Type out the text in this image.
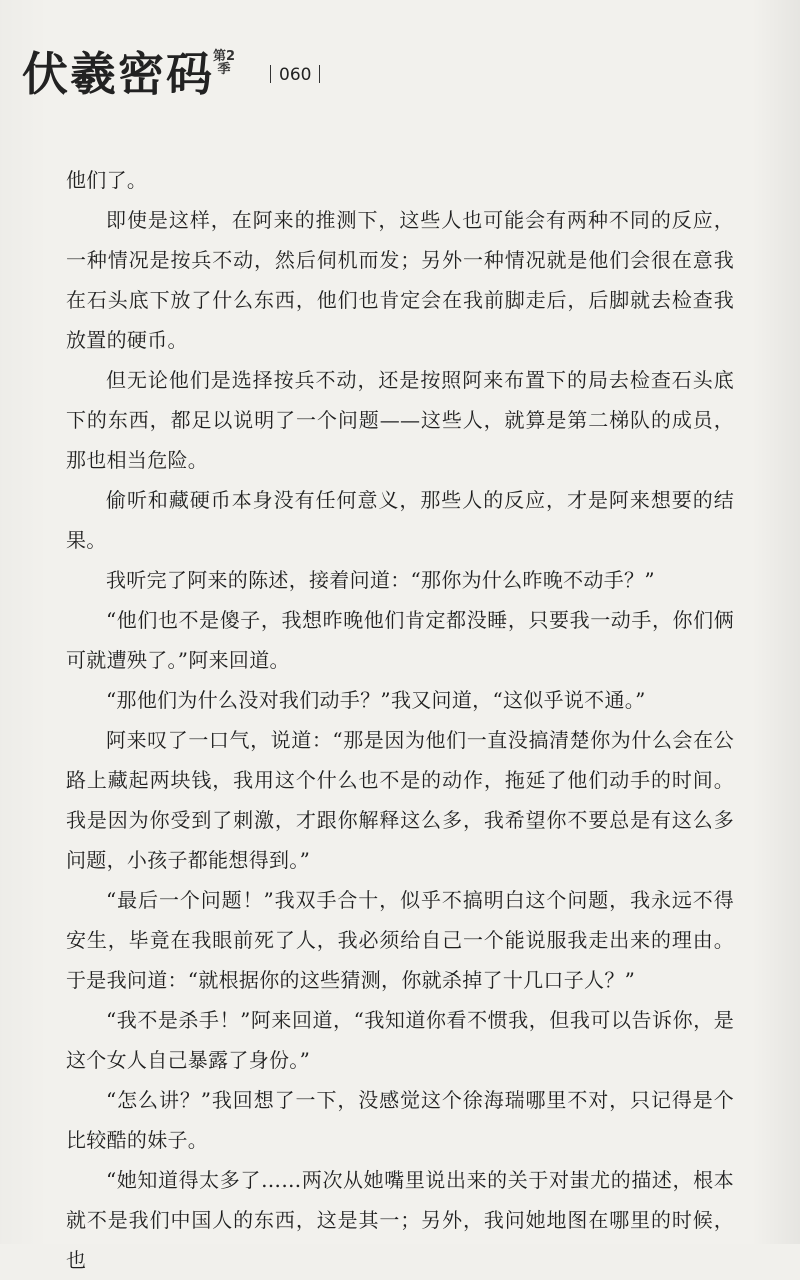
伏羲密码
第2季	060

他们了。

即使是这样，在阿来的推测下，这些人也可能会有两种不同的反应，一种情况是按兵不动，然后伺机而发；另外一种情况就是他们会很在意我在石头底下放了什么东西，他们也肯定会在我前脚走后，后脚就去检查我放置的硬币。

但无论他们是选择按兵不动，还是按照阿来布置下的局去检查石头底下的东西，都足以说明了一个问题——这些人，就算是第二梯队的成员，那也相当危险。

偷听和藏硬币本身没有任何意义，那些人的反应，才是阿来想要的结果。

我听完了阿来的陈述，接着问道：“那你为什么昨晚不动手？”

“他们也不是傻子，我想昨晚他们肯定都没睡，只要我一动手，你们俩可就遭殃了。”阿来回道。

“那他们为什么没对我们动手？”我又问道，“这似乎说不通。”

阿来叹了一口气，说道：“那是因为他们一直没搞清楚你为什么会在公路上藏起两块钱，我用这个什么也不是的动作，拖延了他们动手的时间。我是因为你受到了刺激，才跟你解释这么多，我希望你不要总是有这么多问题，小孩子都能想得到。”

“最后一个问题！”我双手合十，似乎不搞明白这个问题，我永远不得安生，毕竟在我眼前死了人，我必须给自己一个能说服我走出来的理由。于是我问道：“就根据你的这些猜测，你就杀掉了十几口子人？”

“我不是杀手！”阿来回道，“我知道你看不惯我，但我可以告诉你，是这个女人自己暴露了身份。”

“怎么讲？”我回想了一下，没感觉这个徐海瑞哪里不对，只记得是个比较酷的妹子。

“她知道得太多了……两次从她嘴里说出来的关于对蚩尤的描述，根本就不是我们中国人的东西，这是其一；另外，我问她地图在哪里的时候，也
